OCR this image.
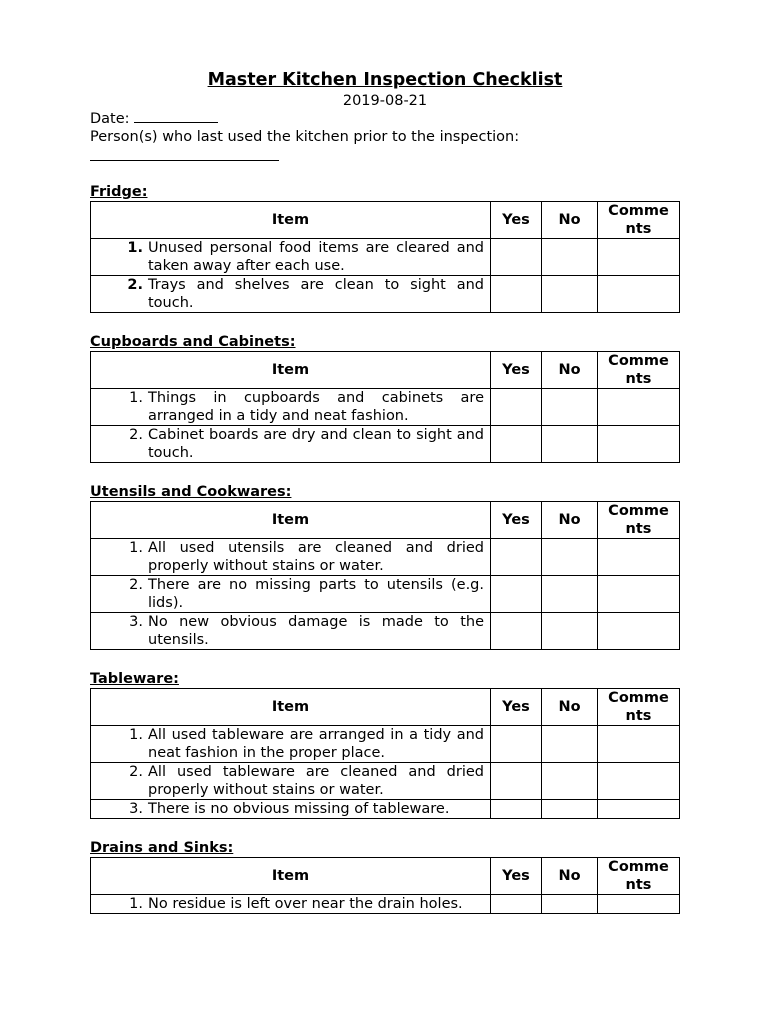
Master Kitchen Inspection Checklist

2019-08-21

Date:

Person(s) who last used the kitchen prior to the inspection:

Fridge:

Item	Yes	No	Comme
nts

1. Unused personal food items are cleared and taken away after each use.			

2. Trays and shelves are clean to sight and touch.			

Cupboards and Cabinets:

Item	Yes	No	Comme
nts

1. Things in cupboards and cabinets are arranged in a tidy and neat fashion.			

2. Cabinet boards are dry and clean to sight and touch.			

Utensils and Cookwares:

Item	Yes	No	Comme
nts

1. All used utensils are cleaned and dried properly without stains or water.			

2. There are no missing parts to utensils (e.g. lids).			

3. No new obvious damage is made to the utensils.			

Tableware:

Item	Yes	No	Comme
nts

1. All used tableware are arranged in a tidy and neat fashion in the proper place.			

2. All used tableware are cleaned and dried properly without stains or water.			

3. There is no obvious missing of tableware.			

Drains and Sinks:

Item	Yes	No	Comme
nts

1. No residue is left over near the drain holes.			
